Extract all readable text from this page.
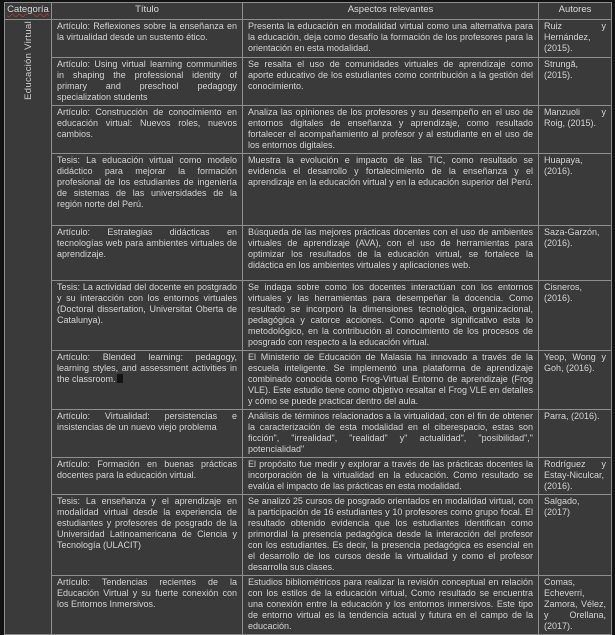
Categoría	Título	Aspectos relevantes	Autores

Educación Virtual	Artículo: Reflexiones sobre la enseñanza en la virtualidad desde un sustento ético.	Presenta la educación en modalidad virtual como una alternativa para la educación, deja como desafío la formación de los profesores para la orientación en esta modalidad.	Ruiz y Hernández, (2015).
	Artículo: Using virtual learning communities in shaping the professional identity of primary and preschool pedagogy specialization students	Se resalta el uso de comunidades virtuales de aprendizaje como aporte educativo de los estudiantes como contribución a la gestión del conocimiento.	Strungă, (2015).
	Artículo: Construcción de conocimiento en educación virtual: Nuevos roles, nuevos cambios.	Analiza las opiniones de los profesores y su desempeño en el uso de entornos digitales de enseñanza y aprendizaje, como resultado fortalecer el acompañamiento al profesor y al estudiante en el uso de los entornos digitales.	Manzuoli y Roig, (2015).
	Tesis: La educación virtual como modelo didáctico para mejorar la formación profesional de los estudiantes de ingeniería de sistemas de las universidades de la región norte del Perú.	Muestra la evolución e impacto de las TIC, como resultado se evidencia el desarrollo y fortalecimiento de la enseñanza y el aprendizaje en la educación virtual y en la educación superior del Perú.	Huapaya, (2016).
	Artículo: Estrategias didácticas en tecnologías web para ambientes virtuales de aprendizaje.	Búsqueda de las mejores prácticas docentes con el uso de ambientes virtuales de aprendizaje (AVA), con el uso de herramientas para optimizar los resultados de la educación virtual, se fortalece la didáctica en los ambientes virtuales y aplicaciones web.	Saza-Garzón, (2016).
	Tesis: La actividad del docente en postgrado y su interacción con los entornos virtuales (Doctoral dissertation, Universitat Oberta de Catalunya).	Se indaga sobre como los docentes interactúan con los entornos virtuales y las herramientas para desempeñar la docencia. Como resultado se incorporó la dimensiones tecnológica, organizacional, pedagógica y catorce acciones. Como aporte significativo esta lo metodológico, en la contribución al conocimiento de los procesos de posgrado con respecto a la educación virtual.	Cisneros, (2016).
	Artículo: Blended learning: pedagogy, learning styles, and assessment activities in the classroom.	El Ministerio de Educación de Malasia ha innovado a través de la escuela inteligente. Se implementó una plataforma de aprendizaje combinado conocida como Frog-Virtual Entorno de aprendizaje (Frog VLE). Este estudio tiene como objetivo resaltar el Frog VLE en detalles y cómo se puede practicar dentro del aula.	Yeop, Wong y Goh, (2016).
	Artículo: Virtualidad: persistencias e insistencias de un nuevo viejo problema	Análisis de términos relacionados a la virtualidad, con el fin de obtener la caracterización de esta modalidad en el ciberespacio, estas son ficción", "irrealidad", "realidad" y" actualidad", "posibilidad"," potencialidad"	Parra, (2016).
	Artículo: Formación en buenas prácticas docentes para la educación virtual.	El propósito fue medir y explorar a través de las prácticas docentes la incorporación de la virtualidad en la educación. Como resultado se evalúa el impacto de las prácticas en esta modalidad.	Rodríguez y Estay-Niculcar, (2016).
	Tesis: La enseñanza y el aprendizaje en modalidad virtual desde la experiencia de estudiantes y profesores de posgrado de la Universidad Latinoamericana de Ciencia y Tecnología (ULACIT)	Se analizó 25 cursos de posgrado orientados en modalidad virtual, con la participación de 16 estudiantes y 10 profesores como grupo focal. El resultado obtenido evidencia que los estudiantes identifican como primordial la presencia pedagógica desde la interacción del profesor con los estudiantes. Es decir, la presencia pedagógica es esencial en el desarrollo de los cursos desde la virtualidad y como el profesor desarrolla sus clases.	Salgado, (2017)
	Artículo: Tendencias recientes de la Educación Virtual y su fuerte conexión con los Entornos Inmersivos.	Estudios bibliométricos para realizar la revisión conceptual en relación con los estilos de la educación virtual, Como resultado se encuentra una conexión entre la educación y los entornos inmersivos. Este tipo de entorno virtual es la tendencia actual y futura en el campo de la educación.	Comas, Echeverri, Zamora, Vélez, y Orellana, (2017).
